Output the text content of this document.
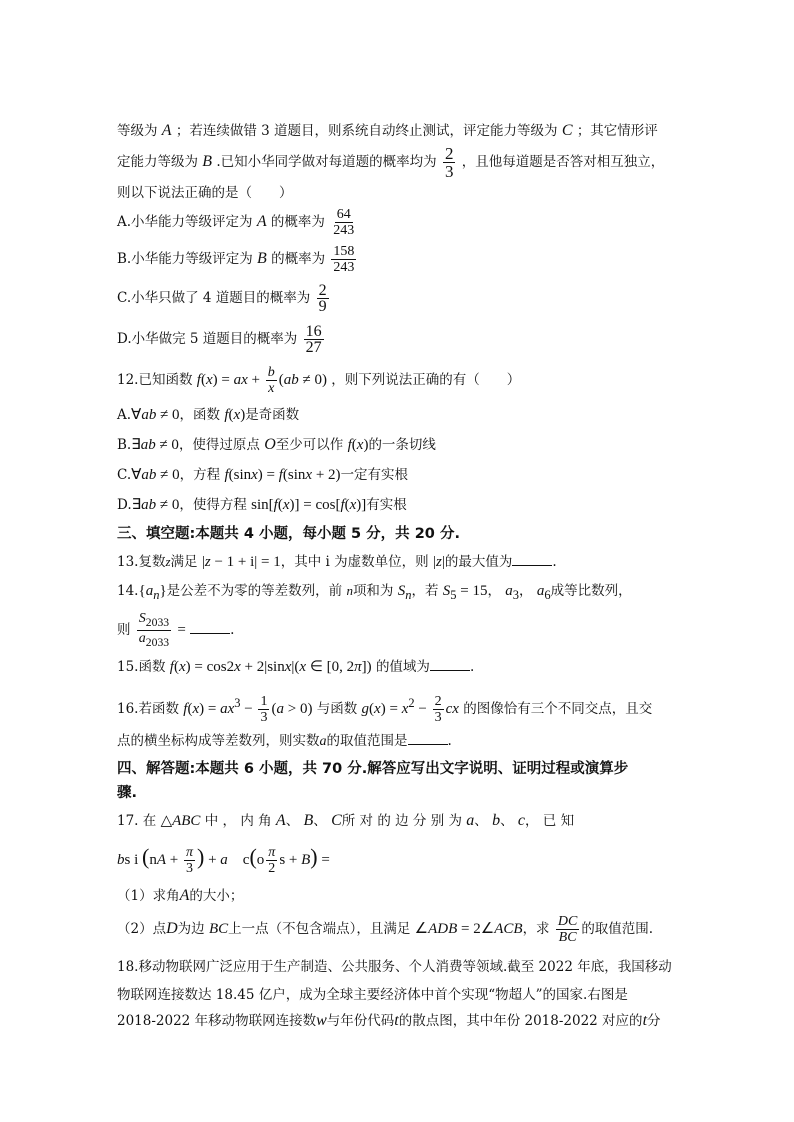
等级为 A ；若连续做错 3 道题目，则系统自动终止测试，评定能力等级为 C ；其它情形评

定能力等级为 B .已知小华同学做对每道题的概率均为 $\frac{2}{3}$ ，且他每道题是否答对相互独立，

则以下说法正确的是（　　）

A.小华能力等级评定为 A 的概率为 $\frac{64}{243}$

B.小华能力等级评定为 B 的概率为 $\frac{158}{243}$

C.小华只做了 4 道题目的概率为 $\frac{2}{9}$

D.小华做完 5 道题目的概率为 $\frac{16}{27}$

12.已知函数 f(x) = ax + $\frac{b}{x} (ab \ne 0)$ ，则下列说法正确的有（　　）

A.∀ab ≠ 0，函数 f(x)是奇函数

B.∃ab ≠ 0，使得过原点 O至少可以作 f(x)的一条切线

C.∀ab ≠ 0，方程 f(sinx) = f(sinx + 2)一定有实根

D.∃ab ≠ 0，使得方程 sin[f(x)] = cos[f(x)]有实根

三、填空题:本题共 4 小题，每小题 5 分，共 20 分.

13.复数z满足 |z − 1 + i| = 1，其中 i 为虚数单位，则 |z|的最大值为	.

$14.\{a_n\}$是公差不为零的等差数列，前 n项和为 $S_n$，若 $S_5 = 15$， $a_3$， $a_6$成等比数列，

则 $\frac{S_{2033}}{a_{2033}}$ =	.

15.函数 f(x) = cos2x + 2|sinx|(x ∈ [0, 2π]) 的值域为	.

16.若函数 $f(x) = ax^3 - \frac{1}{3} (a > 0)$ 与函数 $g(x) = x^2 - \frac{2}{3}$ cx 的图像恰有三个不同交点，且交

点的横坐标构成等差数列，则实数a的取值范围是	.

四、解答题:本题共 6 小题，共 70 分.解答应写出文字说明、证明过程或演算步

骤.

17. 在 △ABC 中 ， 内 角 A、 B、 C所 对 的 边 分 别 为 a、 b、 c， 已 知

bs i ($nA + \frac{\pi}{3}$ ) + a    $c(o \frac{\pi}{2}$ s + B) =

（1）求角A的大小；

（2）点D为边 BC上一点（不包含端点），且满足 ∠ADB = 2∠ACB，求 $\frac{DC}{BC}$ 的取值范围.

18.移动物联网广泛应用于生产制造、公共服务、个人消费等领域.截至 2022 年底，我国移动

物联网连接数达 18.45 亿户，成为全球主要经济体中首个实现“物超人”的国家.右图是

2018-2022 年移动物联网连接数w与年份代码t的散点图，其中年份 2018-2022 对应的t分
